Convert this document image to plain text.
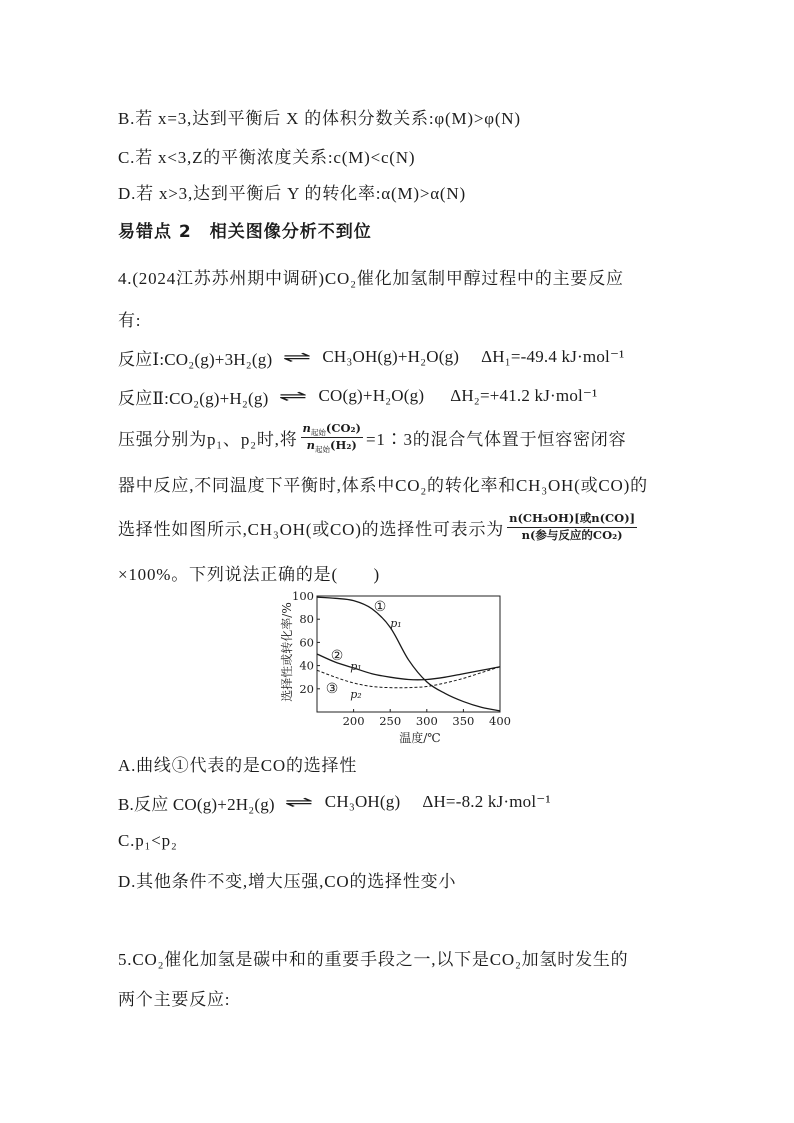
B.若 x=3,达到平衡后 X 的体积分数关系:φ(M)>φ(N)
C.若 x<3,Z的平衡浓度关系:c(M)<c(N)
D.若 x>3,达到平衡后 Y 的转化率:α(M)>α(N)
易错点 2　相关图像分析不到位
4.(2024江苏苏州期中调研)CO₂催化加氢制甲醇过程中的主要反应
有:
反应Ⅰ:CO₂(g)+3H₂(g) ⇌ CH₃OH(g)+H₂O(g) ΔH₁=-49.4 kJ·mol⁻¹
反应Ⅱ:CO₂(g)+H₂(g) ⇌ CO(g)+H₂O(g) ΔH₂=+41.2 kJ·mol⁻¹
压强分别为p₁、p₂时,将 $\frac{n_{起始}(CO_2)}{n_{起始}(H_2)}$ =1∶3的混合气体置于恒容密闭容
器中反应,不同温度下平衡时,体系中CO₂的转化率和CH₃OH(或CO)的
选择性如图所示,CH₃OH(或CO)的选择性可表示为 $\frac{\text{n(CH₃OH)[或n(CO)]}}{\text{n(参与反应的CO₂)}}$
×100%。下列说法正确的是(　　)
选择性或转化率/%
温度/℃
200 250 300 350 400
20
40
60
80
100
①
p₁
②
p₁
③ p₂
A.曲线①代表的是CO的选择性
B.反应 CO(g)+2H₂(g) ⇌ CH₃OH(g) ΔH=-8.2 kJ·mol⁻¹
C.p₁<p₂
D.其他条件不变,增大压强,CO的选择性变小
5.CO₂催化加氢是碳中和的重要手段之一,以下是CO₂加氢时发生的
两个主要反应:
